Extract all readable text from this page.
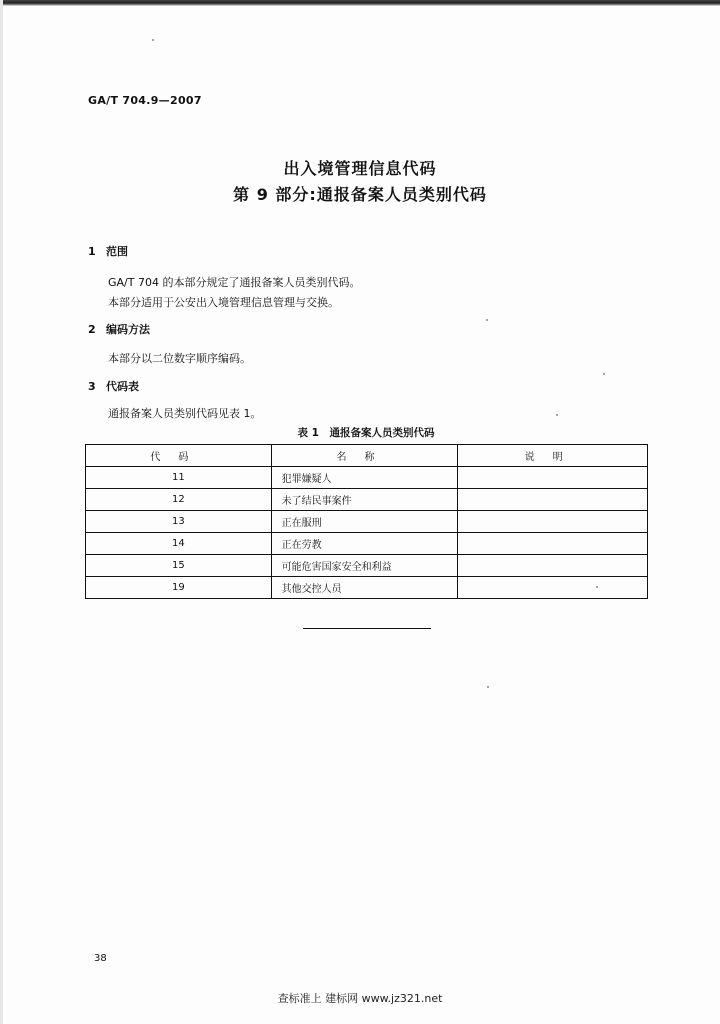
GA/T 704.9—2007
出入境管理信息代码
第 9 部分:通报备案人员类别代码
1 范围
GA/T 704 的本部分规定了通报备案人员类别代码。
本部分适用于公安出入境管理信息管理与交换。
2 编码方法
本部分以二位数字顺序编码。
3 代码表
通报备案人员类别代码见表 1。
表 1　通报备案人员类别代码
代码	名称	说明
11	犯罪嫌疑人	
12	未了结民事案件	
13	正在服刑	
14	正在劳教	
15	可能危害国家安全和利益	
19	其他交控人员	
38
查标准上 建标网 www.jz321.net
